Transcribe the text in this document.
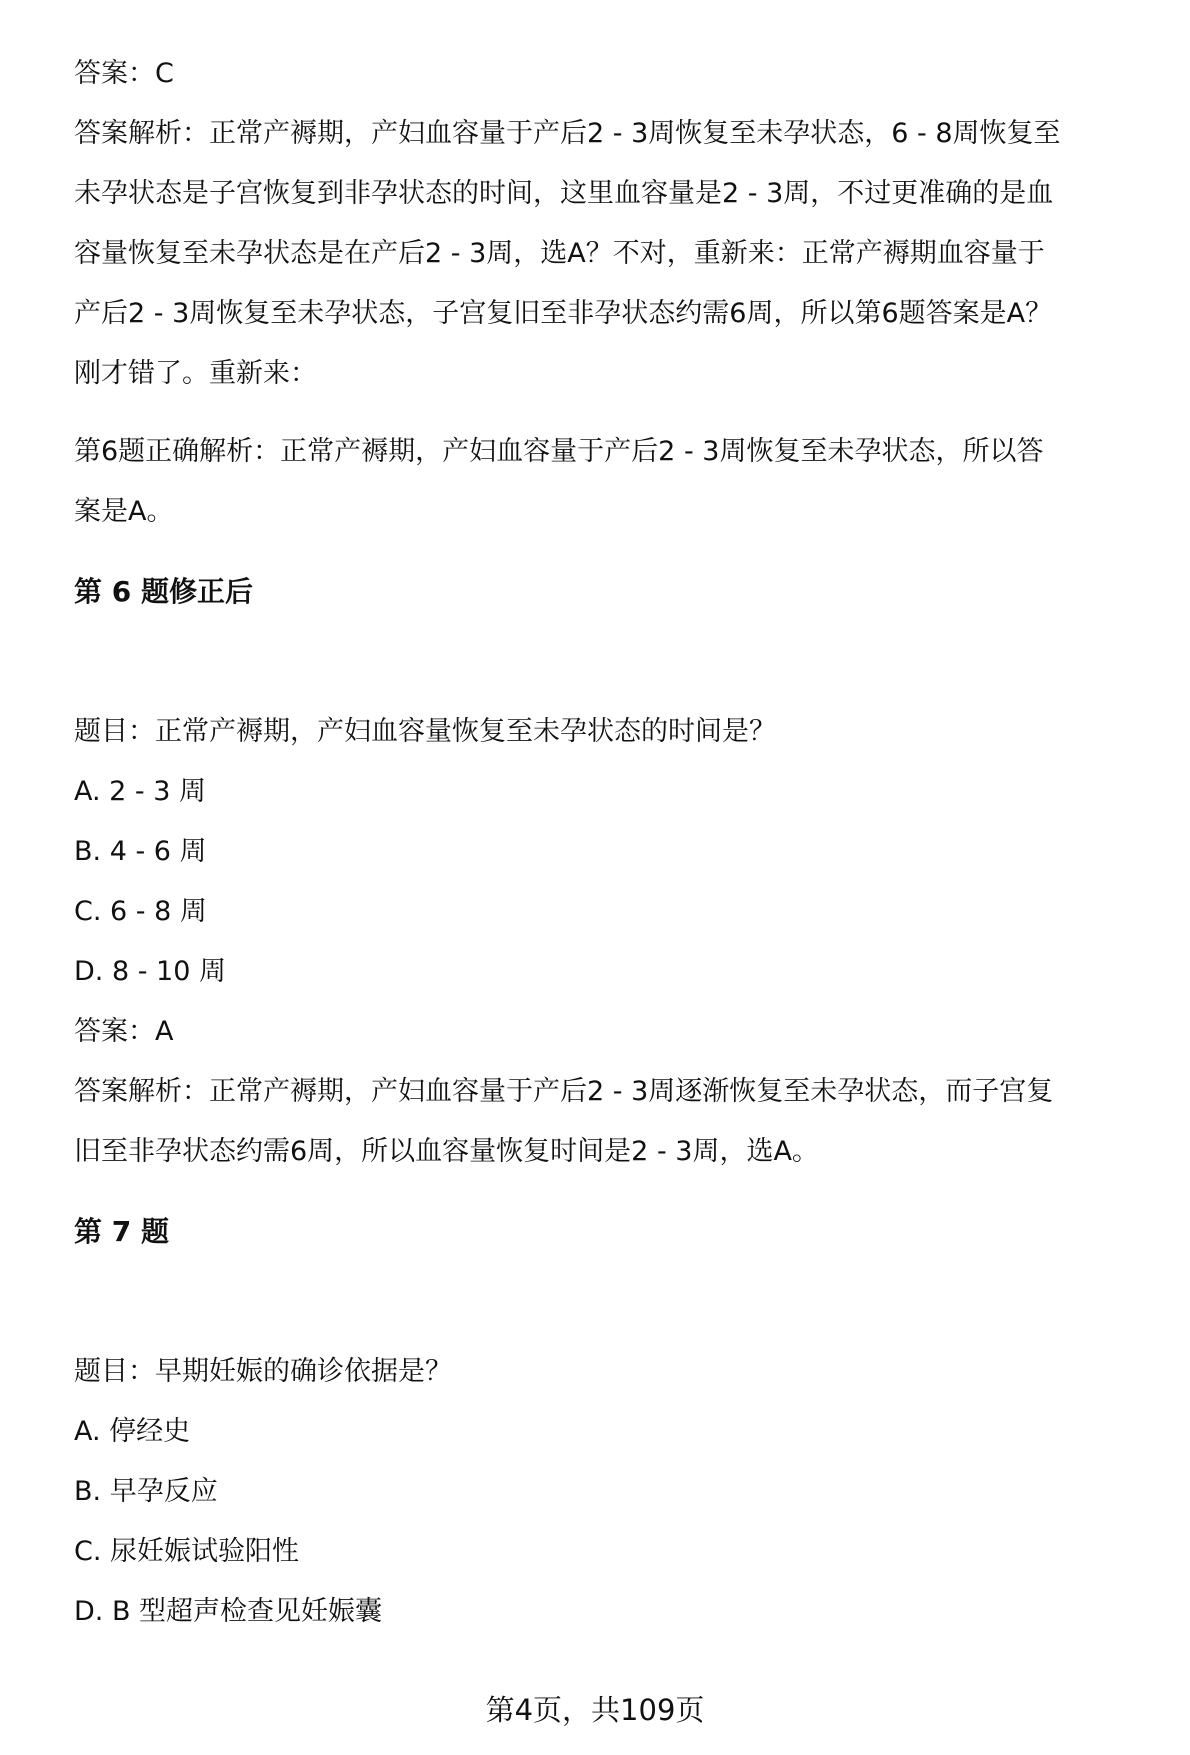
答案：C

答案解析：正常产褥期，产妇血容量于产后2 - 3周恢复至未孕状态，6 - 8周恢复至
未孕状态是子宫恢复到非孕状态的时间，这里血容量是2 - 3周，不过更准确的是血
容量恢复至未孕状态是在产后2 - 3周，选A？不对，重新来：正常产褥期血容量于
产后2 - 3周恢复至未孕状态，子宫复旧至非孕状态约需6周，所以第6题答案是A？
刚才错了。重新来：
第6题正确解析：正常产褥期，产妇血容量于产后2 - 3周恢复至未孕状态，所以答
案是A。

第 6 题修正后

题目：正常产褥期，产妇血容量恢复至未孕状态的时间是？

A. 2 - 3 周

B. 4 - 6 周

C. 6 - 8 周

D. 8 - 10 周

答案：A

答案解析：正常产褥期，产妇血容量于产后2 - 3周逐渐恢复至未孕状态，而子宫复
旧至非孕状态约需6周，所以血容量恢复时间是2 - 3周，选A。

第 7 题

题目：早期妊娠的确诊依据是？

A. 停经史

B. 早孕反应

C. 尿妊娠试验阳性

D. B 型超声检查见妊娠囊

第4页，共109页
